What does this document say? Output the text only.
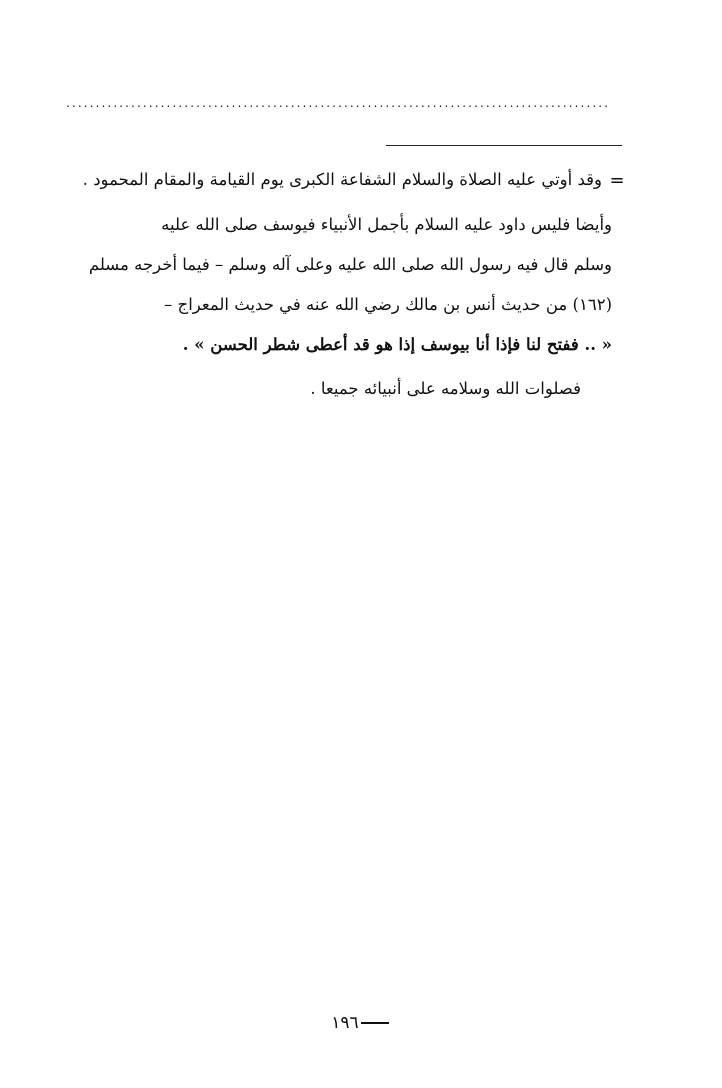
............................................................................................
=
وقد أوتي عليه الصلاة والسلام الشفاعة الكبرى يوم القيامة والمقام المحمود .
وأيضا فليس داود عليه السلام بأجمل الأنبياء فيوسف صلى الله عليه
وسلم قال فيه رسول الله صلى الله عليه وعلى آله وسلم – فيما أخرجه مسلم
(١٦٢) من حديث أنس بن مالك رضي الله عنه في حديث المعراج –
« .. ففتح لنا فإذا أنا بيوسف إذا هو قد أعطى شطر الحسن » .
فصلوات الله وسلامه على أنبيائه جميعا .
١٩٦
